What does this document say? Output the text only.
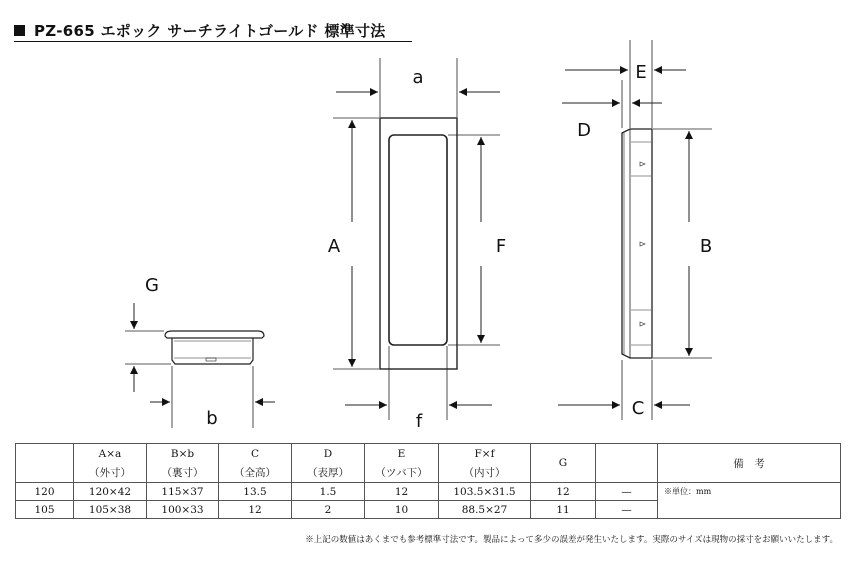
PZ-665 エポック サーチライトゴールド 標準寸法
a
f
A	F
E
D
B
C
G
b
	A×a	B×b	C	D	E	F×f	G		備　考
	（外寸）	（裏寸）	（全高）	（表厚）	（ツバ下）	（内寸）			
120	120×42	115×37	13.5	1.5	12	103.5×31.5	12	—	※単位：mm
105	105×38	100×33	12	2	10	88.5×27	11	—	
※上記の数値はあくまでも参考標準寸法です。製品によって多少の誤差が発生いたします。実際のサイズは現物の採寸をお願いいたします。
